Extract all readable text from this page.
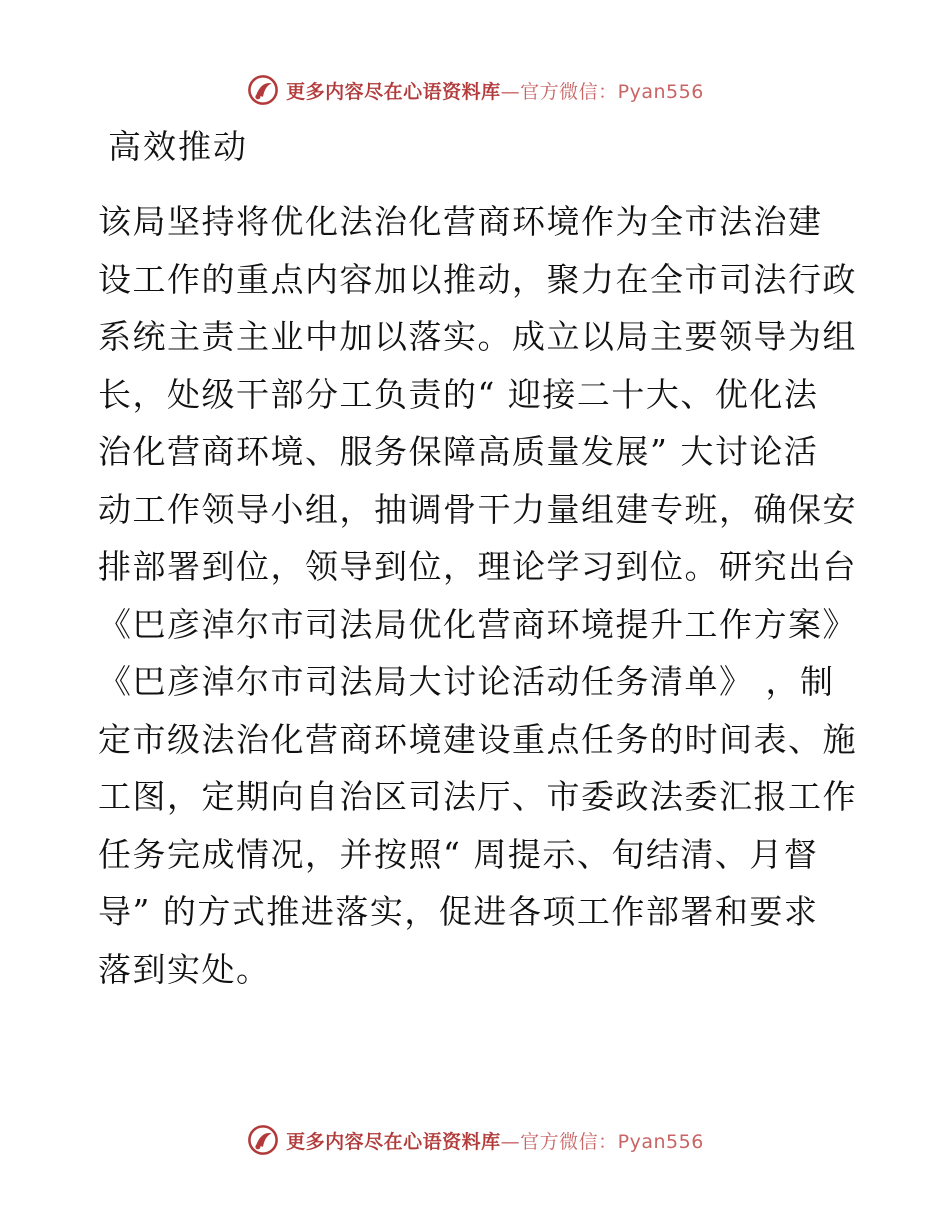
更多内容尽在心语资料库—官方微信：Pyan556
高效推动
该局坚持将优化法治化营商环境作为全市法治建
设工作的重点内容加以推动，聚力在全市司法行政
系统主责主业中加以落实。成立以局主要领导为组
长，处级干部分工负责的“ 迎接二十大、优化法
治化营商环境、服务保障高质量发展” 大讨论活
动工作领导小组，抽调骨干力量组建专班，确保安
排部署到位，领导到位，理论学习到位。研究出台
《巴彦淖尔市司法局优化营商环境提升工作方案》
《巴彦淖尔市司法局大讨论活动任务清单》 ，制
定市级法治化营商环境建设重点任务的时间表、施
工图，定期向自治区司法厅、市委政法委汇报工作
任务完成情况，并按照“ 周提示、旬结清、月督
导” 的方式推进落实，促进各项工作部署和要求
落到实处。
更多内容尽在心语资料库—官方微信：Pyan556
